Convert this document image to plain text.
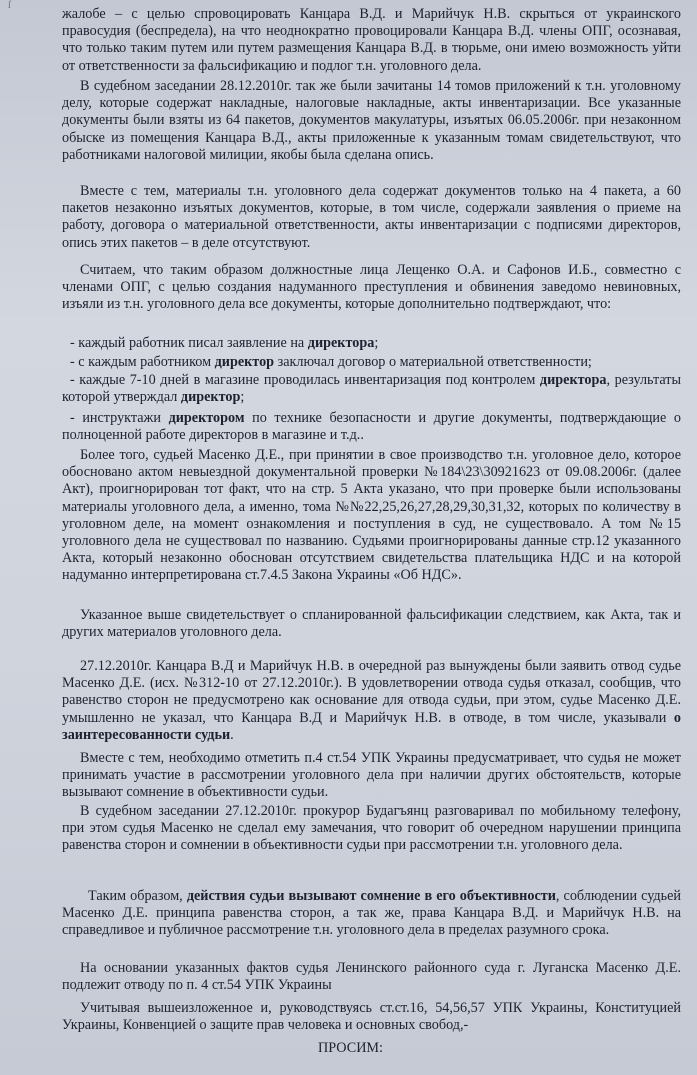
ſ

жалобе – с целью спровоцировать Канцара В.Д. и Марийчук Н.В. скрыться от украинского правосудия (беспредела), на что неоднократно провоцировали Канцара В.Д. члены ОПГ, осознавая, что только таким путем или путем размещения Канцара В.Д. в тюрьме, они имею возможность уйти от ответственности за фальсификацию и подлог т.н. уголовного дела.

В судебном заседании 28.12.2010г. так же были зачитаны 14 томов приложений к т.н. уголовному делу, которые содержат накладные, налоговые накладные, акты инвентаризации. Все указанные документы были взяты из 64 пакетов, документов макулатуры, изъятых 06.05.2006г. при незаконном обыске из помещения Канцара В.Д., акты приложенные к указанным томам свидетельствуют, что работниками налоговой милиции, якобы была сделана опись.

Вместе с тем, материалы т.н. уголовного дела содержат документов только на 4 пакета, а 60 пакетов незаконно изъятых документов, которые, в том числе, содержали заявления о приеме на работу, договора о материальной ответственности, акты инвентаризации с подписями директоров, опись этих пакетов – в деле отсутствуют.

Считаем, что таким образом должностные лица Лещенко О.А. и Сафонов И.Б., совместно с членами ОПГ, с целью создания надуманного преступления и обвинения заведомо невиновных, изъяли из т.н. уголовного дела все документы, которые дополнительно подтверждают, что:

- каждый работник писал заявление на директора;

- с каждым работником директор заключал договор о материальной ответственности;

- каждые 7-10 дней в магазине проводилась инвентаризация под контролем директора, результаты которой утверждал директор;

- инструктажи директором по технике безопасности и другие документы, подтверждающие о полноценной работе директоров в магазине и т.д..

Более того, судьей Масенко Д.Е., при принятии в свое производство т.н. уголовное дело, которое обосновано актом невыездной документальной проверки №184\23\30921623 от 09.08.2006г. (далее Акт), проигнорирован тот факт, что на стр. 5 Акта указано, что при проверке были использованы материалы уголовного дела, а именно, тома №№22,25,26,27,28,29,30,31,32, которых по количеству в уголовном деле, на момент ознакомления и поступления в суд, не существовало. А том №15 уголовного дела не существовал по названию. Судьями проигнорированы данные стр.12 указанного Акта, который незаконно обоснован отсутствием свидетельства плательщика НДС и на которой надуманно интерпретирована ст.7.4.5 Закона Украины «Об НДС».

Указанное выше свидетельствует о спланированной фальсификации следствием, как Акта, так и других материалов уголовного дела.

27.12.2010г. Канцара В.Д и Марийчук Н.В. в очередной раз вынуждены были заявить отвод судье Масенко Д.Е. (исх. №312-10 от 27.12.2010г.). В удовлетворении отвода судья отказал, сообщив, что равенство сторон не предусмотрено как основание для отвода судьи, при этом, судье Масенко Д.Е. умышленно не указал, что Канцара В.Д и Марийчук Н.В. в отводе, в том числе, указывали о заинтересованности судьи.

Вместе с тем, необходимо отметить п.4 ст.54 УПК Украины предусматривает, что судья не может принимать участие в рассмотрении уголовного дела при наличии других обстоятельств, которые вызывают сомнение в объективности судьи.

В судебном заседании 27.12.2010г. прокурор Будагъянц разговаривал по мобильному телефону, при этом судья Масенко не сделал ему замечания, что говорит об очередном нарушении принципа равенства сторон и сомнении в объективности судьи при рассмотрении т.н. уголовного дела.

Таким образом, действия судьи вызывают сомнение в его объективности, соблюдении судьей Масенко Д.Е. принципа равенства сторон, а так же, права Канцара В.Д. и Марийчук Н.В. на справедливое и публичное рассмотрение т.н. уголовного дела в пределах разумного срока.

На основании указанных фактов судья Ленинского районного суда г. Луганска Масенко Д.Е. подлежит отводу по п. 4 ст.54 УПК Украины

Учитывая вышеизложенное и, руководствуясь ст.ст.16, 54,56,57 УПК Украины, Конституцией Украины, Конвенцией о защите прав человека и основных свобод,-

ПРОСИМ:
